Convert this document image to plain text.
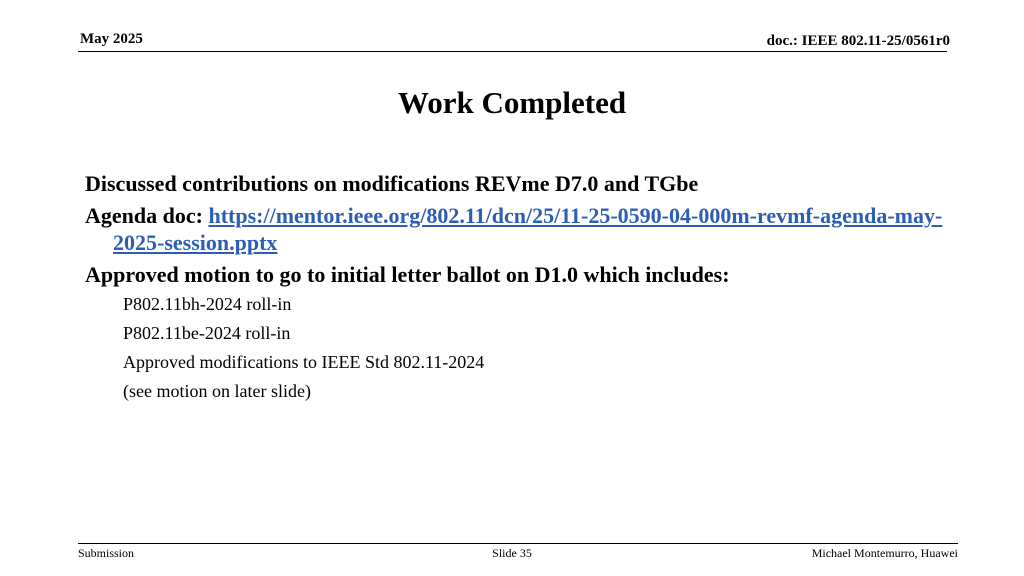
May 2025	doc.: IEEE 802.11-25/0561r0
Work Completed

Discussed contributions on modifications REVme D7.0 and TGbe

Agenda doc: https://mentor.ieee.org/802.11/dcn/25/11-25-0590-04-000m-revmf-agenda-may-2025-session.pptx

Approved motion to go to initial letter ballot on D1.0 which includes:

P802.11bh-2024 roll-in

P802.11be-2024 roll-in

Approved modifications to IEEE Std 802.11-2024

(see motion on later slide)

Submission	Slide 35	Michael Montemurro, Huawei
